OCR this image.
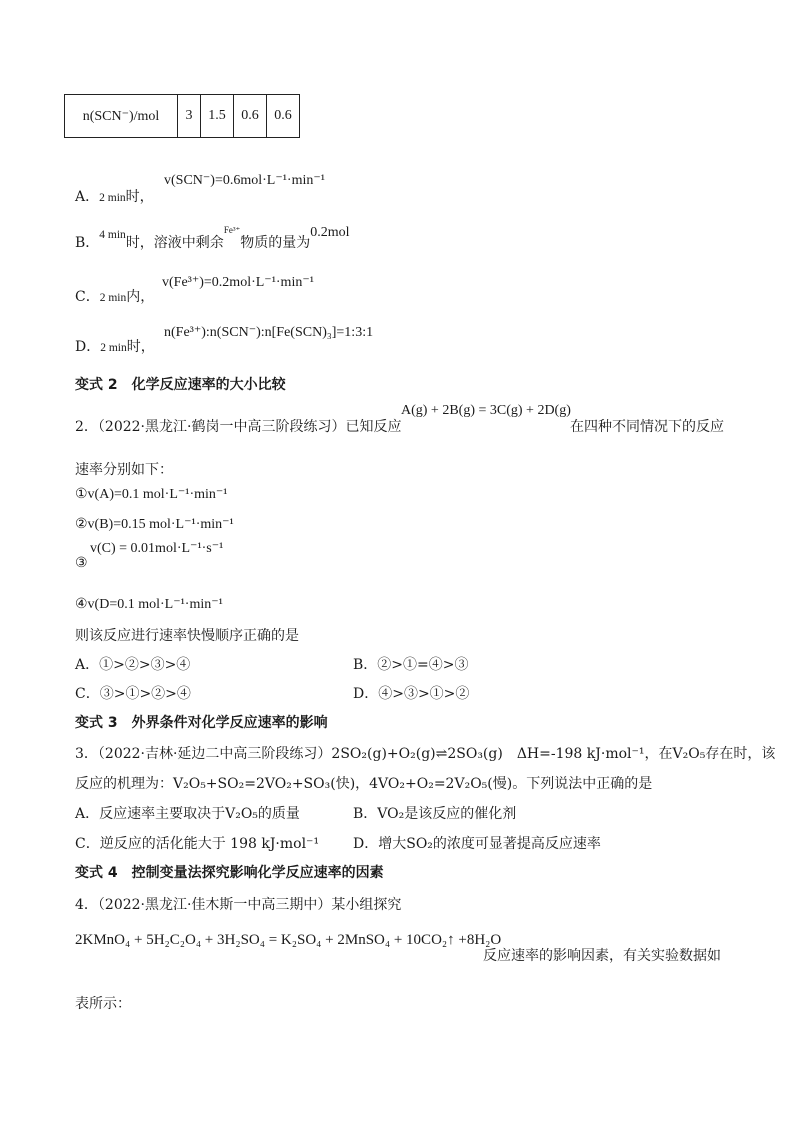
n(SCN⁻)/mol	3	1.5	0.6	0.6
A．2 min时，
v(SCN⁻)=0.6mol·L⁻¹·min⁻¹
B．$^{4 min}$时，溶液中剩余$^{Fe^{3+}}$物质的量为0.2mol
C．2 min内，
v(Fe³⁺)=0.2mol·L⁻¹·min⁻¹
D．2 min时，
n(Fe³⁺):n(SCN⁻):n[Fe(SCN)₃]=1:3:1
变式 2　化学反应速率的大小比较
2．（2022·黑龙江·鹤岗一中高三阶段练习）已知反应
A(g) + 2B(g) = 3C(g) + 2D(g)
在四种不同情况下的反应
速率分别如下：
①v(A)=0.1 mol·L⁻¹·min⁻¹
②v(B)=0.15 mol·L⁻¹·min⁻¹
③
v(C) = 0.01mol·L⁻¹·s⁻¹
④v(D=0.1 mol·L⁻¹·min⁻¹
则该反应进行速率快慢顺序正确的是
A．①>②>③>④	B．②>①=④>③
C．③>①>②>④	D．④>③>①>②
变式 3　外界条件对化学反应速率的影响
3．（2022·吉林·延边二中高三阶段练习）2SO₂(g)+O₂(g)⇌2SO₃(g)　ΔH=-198 kJ·mol⁻¹，在V₂O₅存在时，该
反应的机理为：V₂O₅+SO₂=2VO₂+SO₃(快)，4VO₂+O₂=2V₂O₅(慢)。下列说法中正确的是
A．反应速率主要取决于V₂O₅的质量	B．VO₂是该反应的催化剂
C．逆反应的活化能大于 198 kJ·mol⁻¹ D．增大SO₂的浓度可显著提高反应速率
变式 4　控制变量法探究影响化学反应速率的因素
4．（2022·黑龙江·佳木斯一中高三期中）某小组探究
2KMnO₄ + 5H₂C₂O₄ + 3H₂SO₄ = K₂SO₄ + 2MnSO₄ + 10CO₂↑ +8H₂O
反应速率的影响因素，有关实验数据如
表所示：
